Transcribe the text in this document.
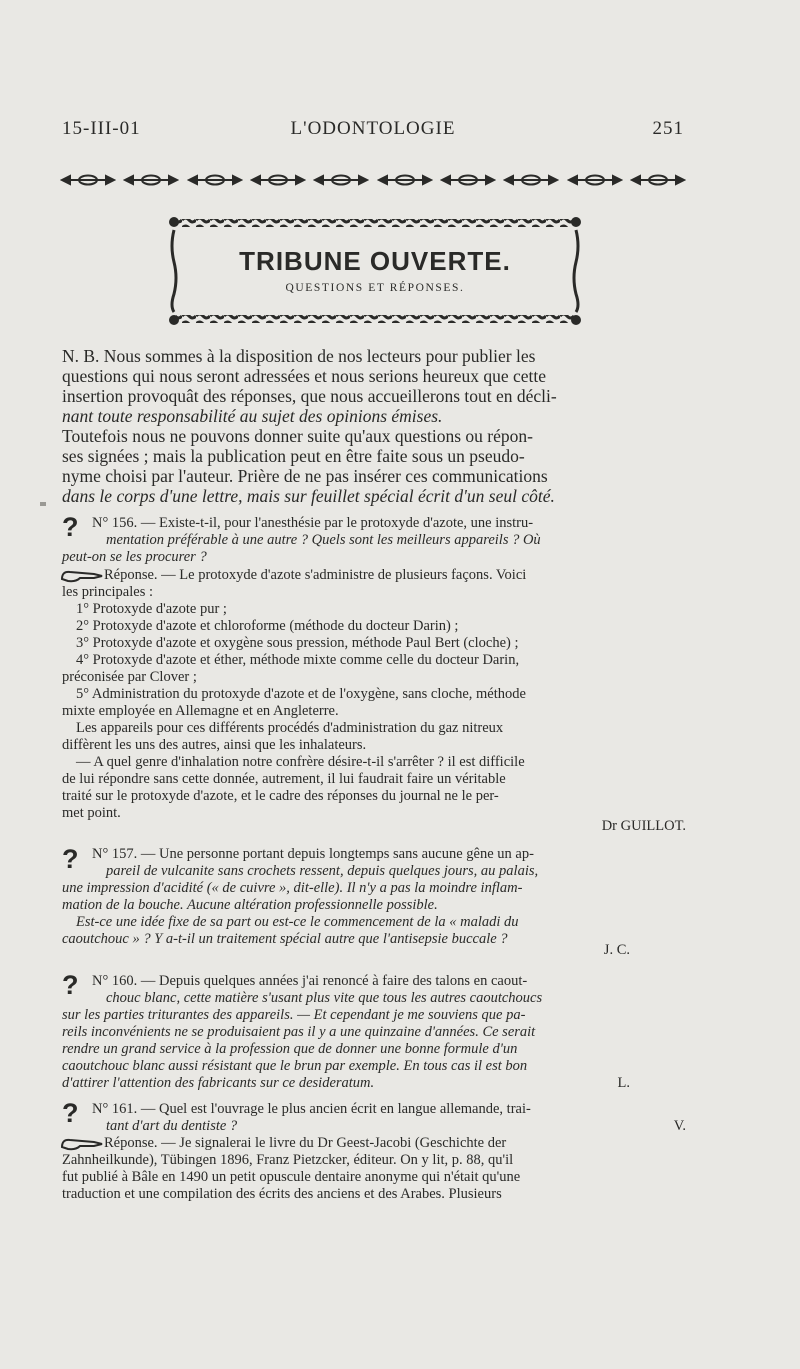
15-III-01	L'ODONTOLOGIE	251
TRIBUNE OUVERTE.
QUESTIONS ET RÉPONSES.

N. B. Nous sommes à la disposition de nos lecteurs pour publier les

questions qui nous seront adressées et nous serions heureux que cette

insertion provoquât des réponses, que nous accueillerons tout en décli-

nant toute responsabilité au sujet des opinions émises.

Toutefois nous ne pouvons donner suite qu'aux questions ou répon-

ses signées ; mais la publication peut en être faite sous un pseudo-

nyme choisi par l'auteur. Prière de ne pas insérer ces communications

dans le corps d'une lettre, mais sur feuillet spécial écrit d'un seul côté.

? N° 156. — Existe-t-il, pour l'anesthésie par le protoxyde d'azote, une instru-

mentation préférable à une autre ? Quels sont les meilleurs appareils ? Où

peut-on se les procurer ?

Réponse. — Le protoxyde d'azote s'administre de plusieurs façons. Voici

les principales :

1° Protoxyde d'azote pur ;

2° Protoxyde d'azote et chloroforme (méthode du docteur Darin) ;

3° Protoxyde d'azote et oxygène sous pression, méthode Paul Bert (cloche) ;

4° Protoxyde d'azote et éther, méthode mixte comme celle du docteur Darin,

préconisée par Clover ;

5° Administration du protoxyde d'azote et de l'oxygène, sans cloche, méthode

mixte employée en Allemagne et en Angleterre.

Les appareils pour ces différents procédés d'administration du gaz nitreux

diffèrent les uns des autres, ainsi que les inhalateurs.

— A quel genre d'inhalation notre confrère désire-t-il s'arrêter ? il est difficile

de lui répondre sans cette donnée, autrement, il lui faudrait faire un véritable

traité sur le protoxyde d'azote, et le cadre des réponses du journal ne le per-

met point.

Dr GUILLOT.
? N° 157. — Une personne portant depuis longtemps sans aucune gêne un ap-

pareil de vulcanite sans crochets ressent, depuis quelques jours, au palais,

une impression d'acidité (« de cuivre », dit-elle). Il n'y a pas la moindre inflam-

mation de la bouche. Aucune altération professionnelle possible.

Est-ce une idée fixe de sa part ou est-ce le commencement de la « maladi du

caoutchouc » ? Y a-t-il un traitement spécial autre que l'antisepsie buccale ?

J. C.
? N° 160. — Depuis quelques années j'ai renoncé à faire des talons en caout-

chouc blanc, cette matière s'usant plus vite que tous les autres caoutchoucs

sur les parties triturantes des appareils. — Et cependant je me souviens que pa-

reils inconvénients ne se produisaient pas il y a une quinzaine d'années. Ce serait

rendre un grand service à la profession que de donner une bonne formule d'un

caoutchouc blanc aussi résistant que le brun par exemple. En tous cas il est bon

d'attirer l'attention des fabricants sur ce desideratum.	L.
? N° 161. — Quel est l'ouvrage le plus ancien écrit en langue allemande, trai-

tant d'art du dentiste ?	V.

Réponse. — Je signalerai le livre du Dr Geest-Jacobi (Geschichte der

Zahnheilkunde), Tübingen 1896, Franz Pietzcker, éditeur. On y lit, p. 88, qu'il

fut publié à Bâle en 1490 un petit opuscule dentaire anonyme qui n'était qu'une

traduction et une compilation des écrits des anciens et des Arabes. Plusieurs
